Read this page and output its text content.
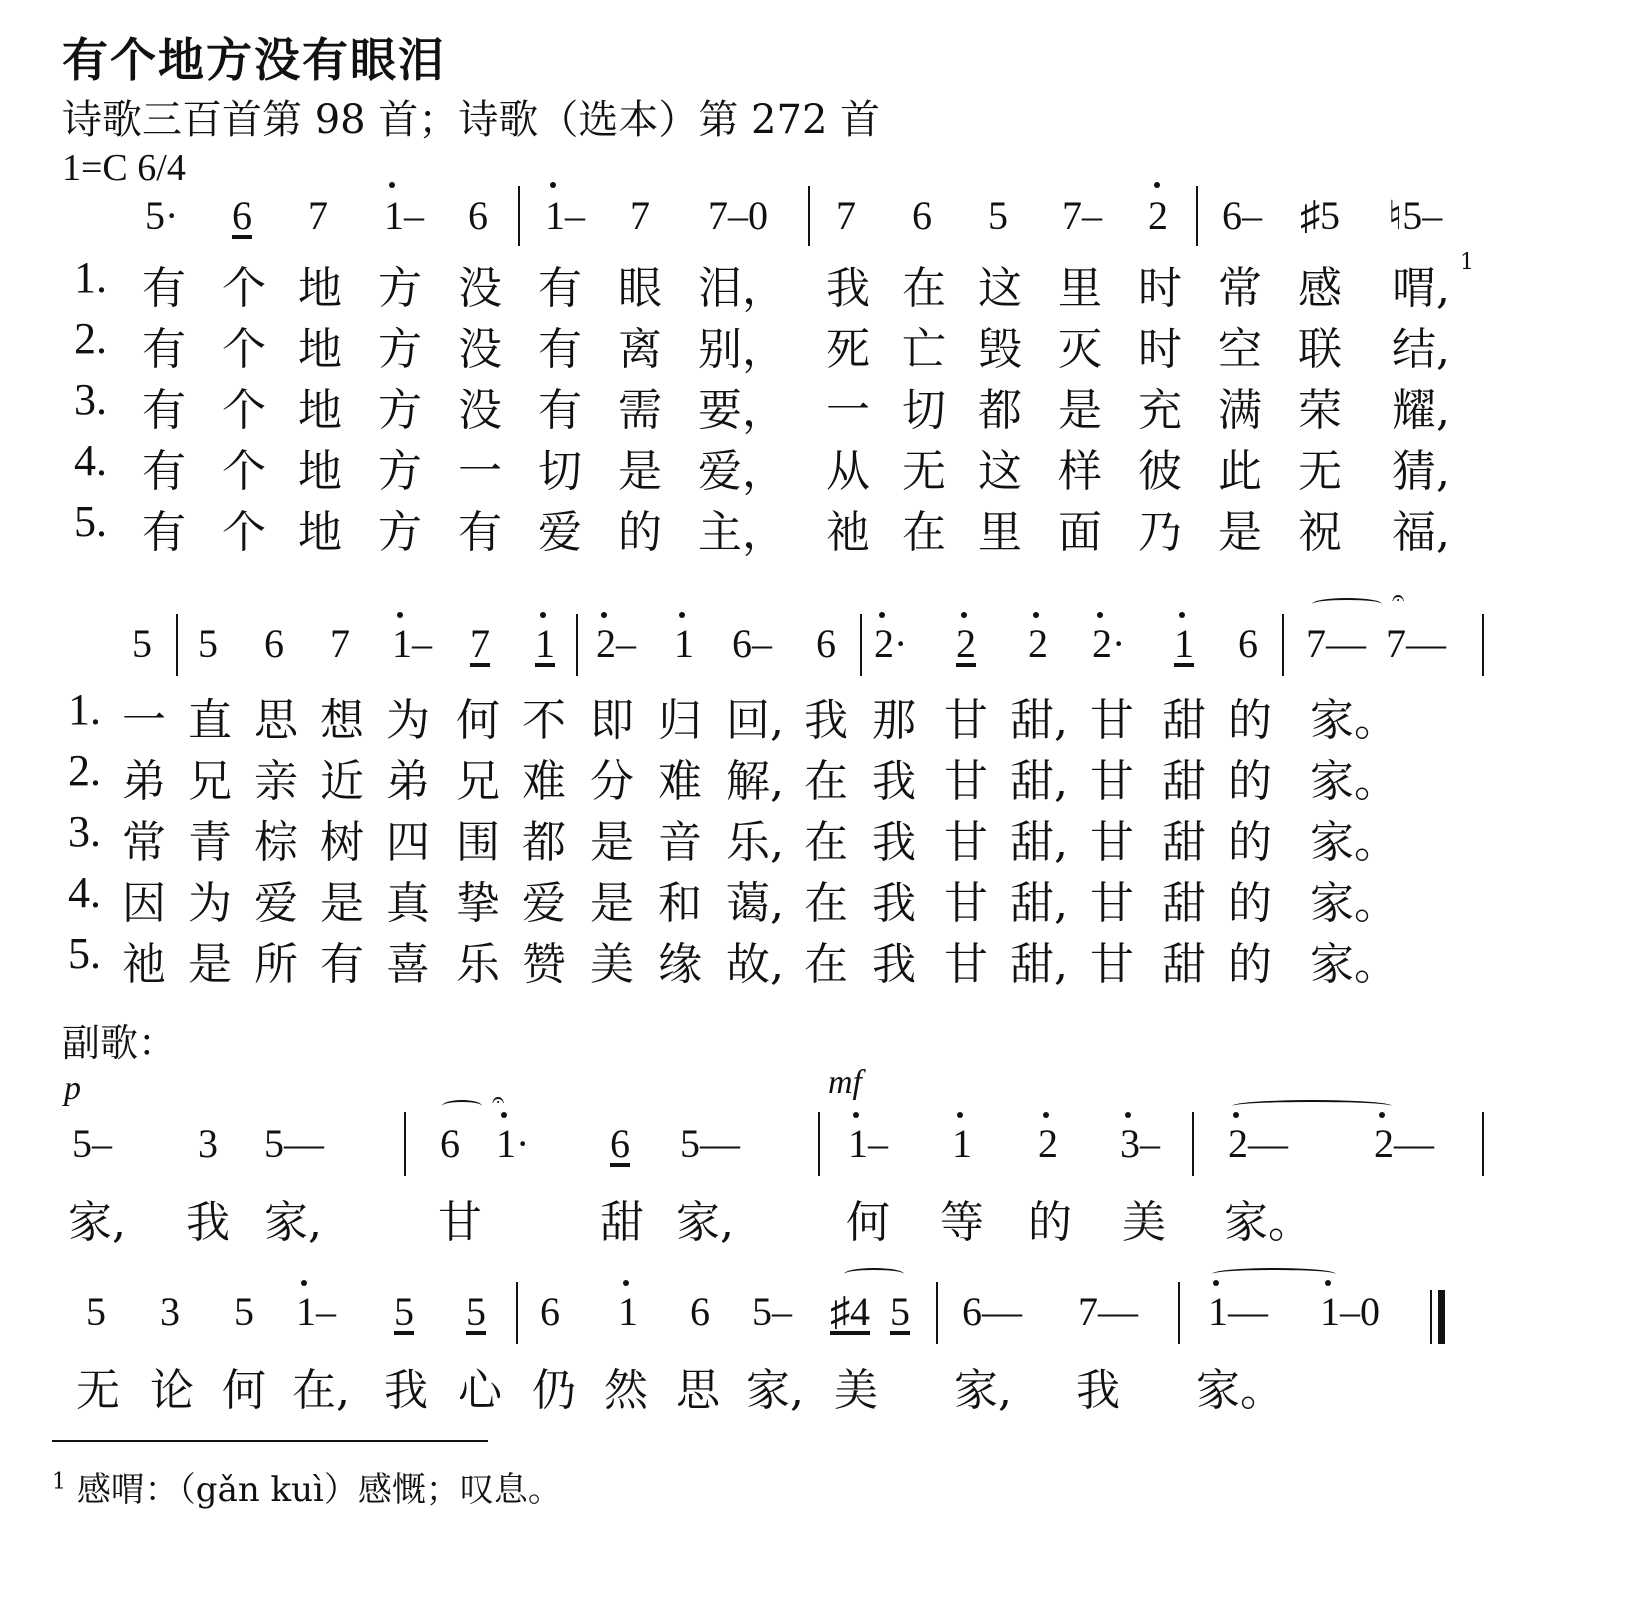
有个地方没有眼泪
诗歌三百首第 98 首；诗歌（选本）第 272 首
1=C 6/4
5· 6 7 1– 6 1– 7 7–0 7 6 5 7– 2 6– ♯5 ♮5–
1. 有 个 地 方 没 有 眼 泪， 我 在 这 里 时 常 感 喟,
1
2. 有 个 地 方 没 有 离 别， 死 亡 毁 灭 时 空 联 结,
3. 有 个 地 方 没 有 需 要， 一 切 都 是 充 满 荣 耀,
4. 有 个 地 方 一 切 是 爱， 从 无 这 样 彼 此 无 猜,
5. 有 个 地 方 有 爱 的 主， 祂 在 里 面 乃 是 祝 福,
5 5 6 7 1– 7 1 2– 1 6– 6 2· 2 2 2· 1 6 7–– 7––
𝄐
1. 一 直 思 想 为 何 不 即 归 回, 我 那 甘 甜, 甘 甜 的 家。
2. 弟 兄 亲 近 弟 兄 难 分 难 解, 在 我 甘 甜, 甘 甜 的 家。
3. 常 青 棕 树 四 围 都 是 音 乐, 在 我 甘 甜, 甘 甜 的 家。
4. 因 为 爱 是 真 挚 爱 是 和 蔼, 在 我 甘 甜, 甘 甜 的 家。
5. 祂 是 所 有 喜 乐 赞 美 缘 故, 在 我 甘 甜, 甘 甜 的 家。
副歌：
p	mf
5– 3 5––	6 1· 6 5––	1– 1 2 3– 2–– 2––
𝄐
家, 我 家,	甘	甜 家,	何 等 的 美 家。
5 3 5 1– 5 5 6 1 6 5– ♯4 5 6–– 7–– 1–– 1–0
无 论 何 在, 我 心 仍 然 思 家, 美 家, 我 家。
$^1$ 感喟：（gǎn kuì）感慨；叹息。
